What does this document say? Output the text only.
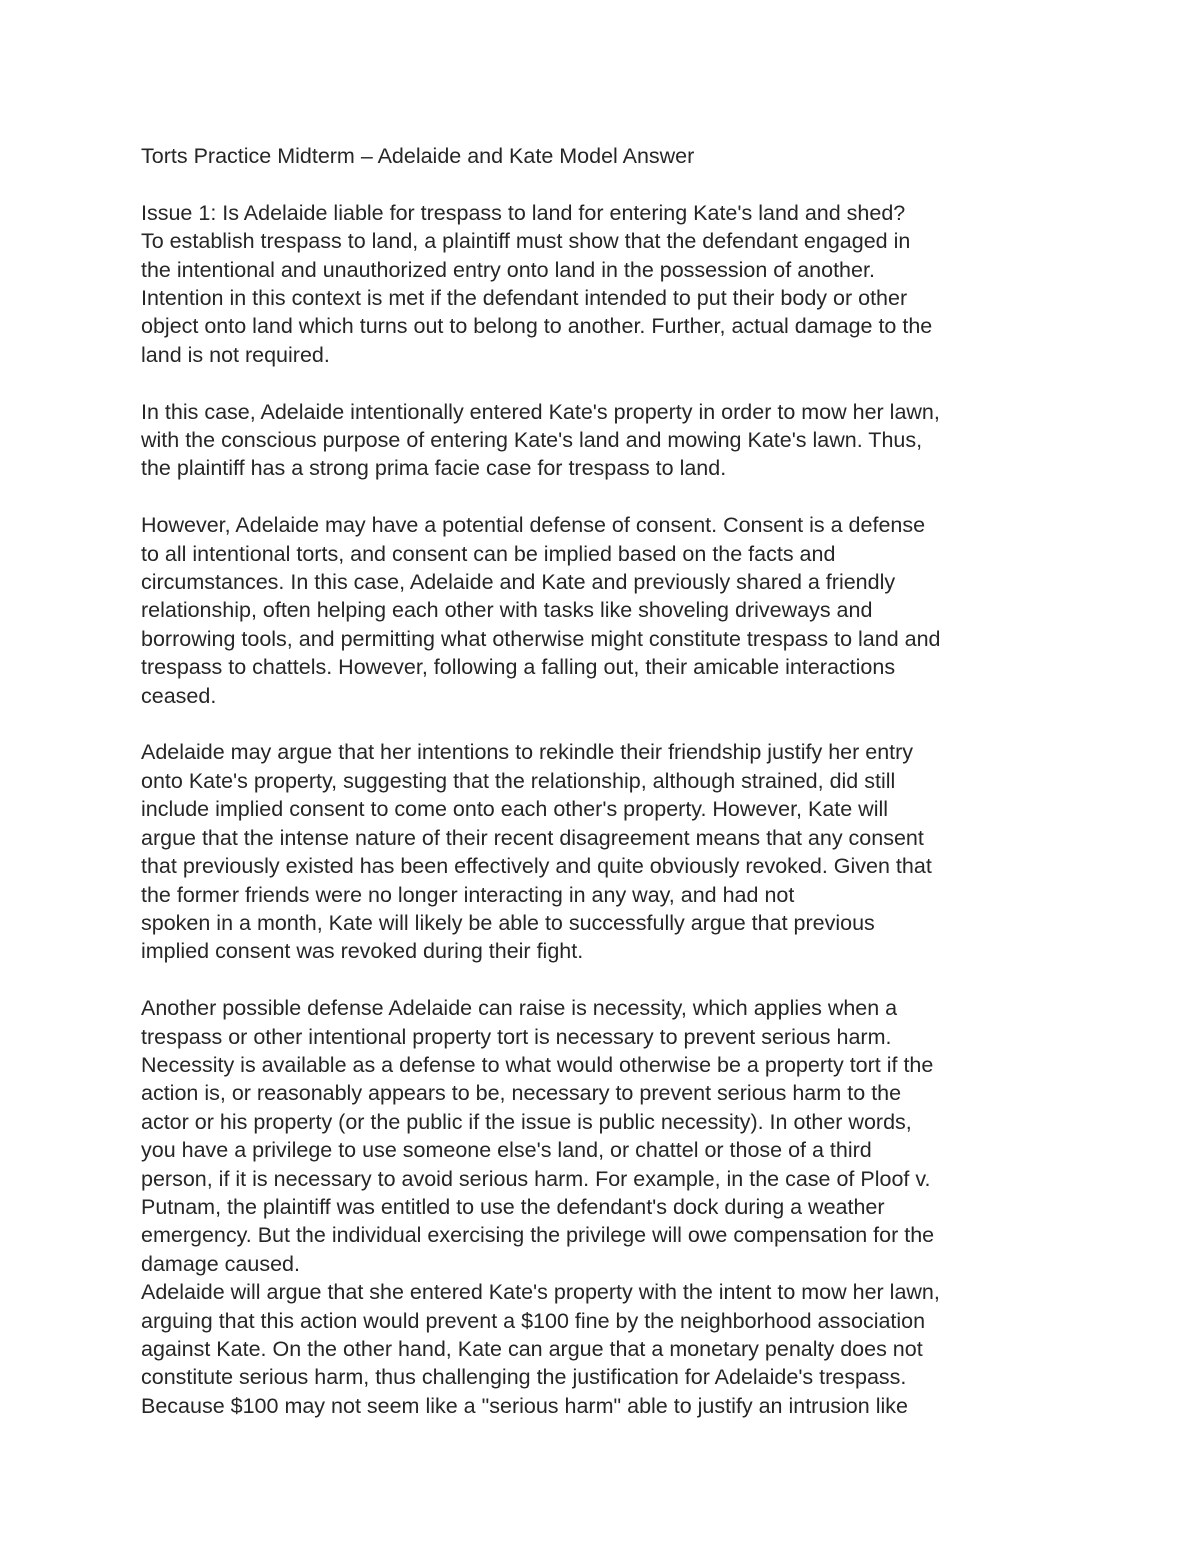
Torts Practice Midterm – Adelaide and Kate Model Answer
Issue 1: Is Adelaide liable for trespass to land for entering Kate's land and shed?
To establish trespass to land, a plaintiff must show that the defendant engaged in
the intentional and unauthorized entry onto land in the possession of another.
Intention in this context is met if the defendant intended to put their body or other
object onto land which turns out to belong to another. Further, actual damage to the
land is not required.
In this case, Adelaide intentionally entered Kate's property in order to mow her lawn,
with the conscious purpose of entering Kate's land and mowing Kate's lawn. Thus,
the plaintiff has a strong prima facie case for trespass to land.
However, Adelaide may have a potential defense of consent. Consent is a defense
to all intentional torts, and consent can be implied based on the facts and
circumstances. In this case, Adelaide and Kate and previously shared a friendly
relationship, often helping each other with tasks like shoveling driveways and
borrowing tools, and permitting what otherwise might constitute trespass to land and
trespass to chattels. However, following a falling out, their amicable interactions
ceased.
Adelaide may argue that her intentions to rekindle their friendship justify her entry
onto Kate's property, suggesting that the relationship, although strained, did still
include implied consent to come onto each other's property. However, Kate will
argue that the intense nature of their recent disagreement means that any consent
that previously existed has been effectively and quite obviously revoked. Given that
the former friends were no longer interacting in any way, and had not
spoken in a month, Kate will likely be able to successfully argue that previous
implied consent was revoked during their fight.
Another possible defense Adelaide can raise is necessity, which applies when a
trespass or other intentional property tort is necessary to prevent serious harm.
Necessity is available as a defense to what would otherwise be a property tort if the
action is, or reasonably appears to be, necessary to prevent serious harm to the
actor or his property (or the public if the issue is public necessity). In other words,
you have a privilege to use someone else's land, or chattel or those of a third
person, if it is necessary to avoid serious harm. For example, in the case of Ploof v.
Putnam, the plaintiff was entitled to use the defendant's dock during a weather
emergency. But the individual exercising the privilege will owe compensation for the
damage caused.
Adelaide will argue that she entered Kate's property with the intent to mow her lawn,
arguing that this action would prevent a $100 fine by the neighborhood association
against Kate. On the other hand, Kate can argue that a monetary penalty does not
constitute serious harm, thus challenging the justification for Adelaide's trespass.
Because $100 may not seem like a "serious harm" able to justify an intrusion like
